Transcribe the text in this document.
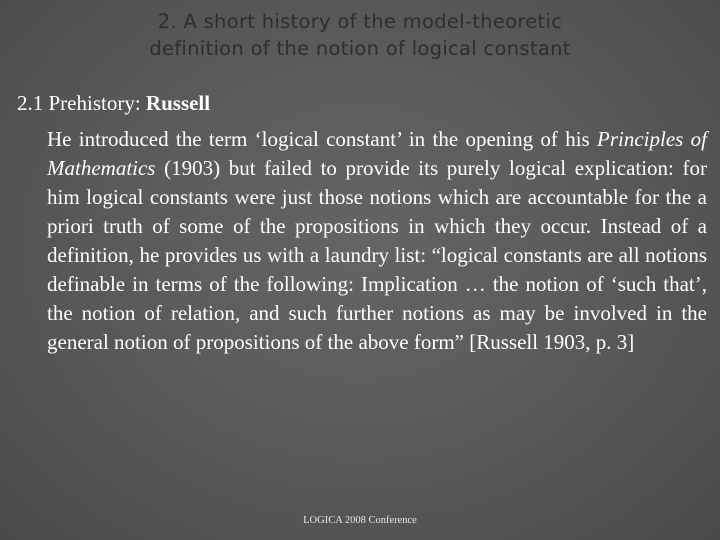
2. A short history of the model-theoretic
definition of the notion of logical constant
2.1 Prehistory: Russell
He introduced the term ‘logical constant’ in the opening of his Principles of Mathematics (1903) but failed to provide its purely logical explication: for him logical constants were just those notions which are accountable for the a priori truth of some of the propositions in which they occur. Instead of a definition, he provides us with a laundry list: “logical constants are all notions definable in terms of the following: Implication … the notion of ‘such that’, the notion of relation, and such further notions as may be involved in the general notion of propositions of the above form” [Russell 1903, p. 3]
LOGICA 2008 Conference
